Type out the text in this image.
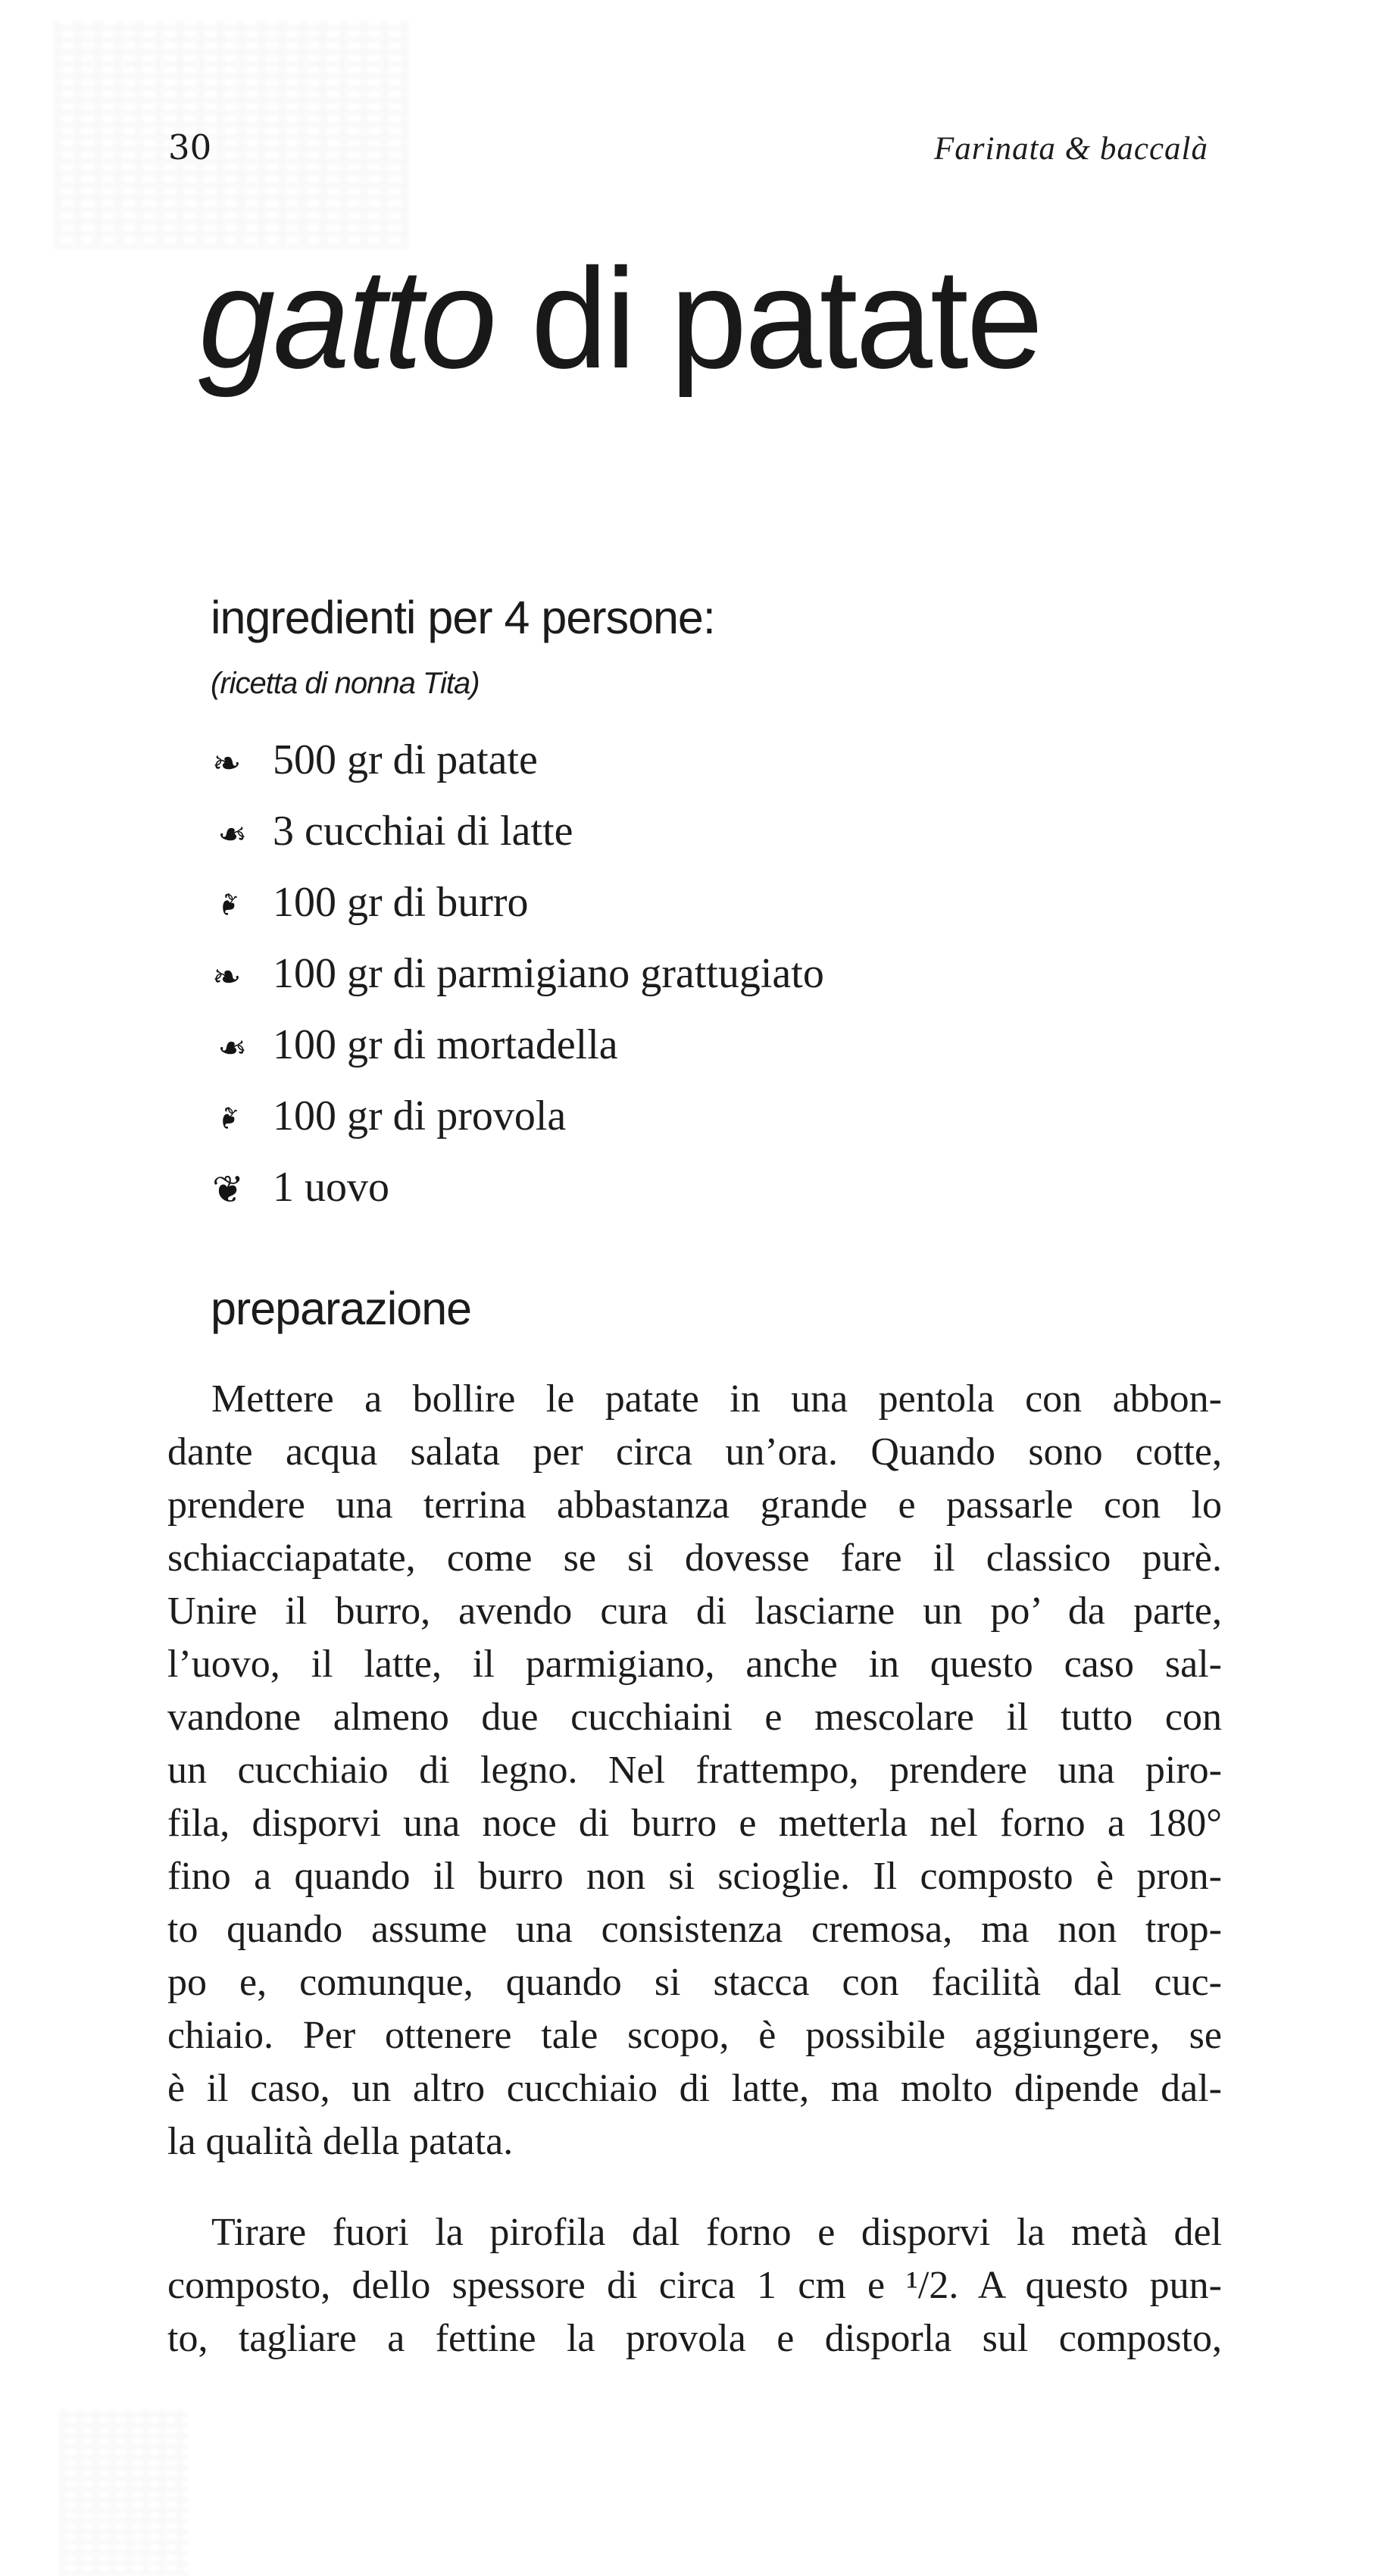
30	Farinata & baccalà
gatto di patate
ingredienti per 4 persone:

(ricetta di nonna Tita)

❧ 500 gr di patate
❧ 3 cucchiai di latte
❧ 100 gr di burro
❧ 100 gr di parmigiano grattugiato
❧ 100 gr di mortadella
❧ 100 gr di provola
❦ 1 uovo
preparazione
Mettere a bollire le patate in una pentola con abbon-
dante acqua salata per circa un’ora. Quando sono cotte,
prendere una terrina abbastanza grande e passarle con lo
schiacciapatate, come se si dovesse fare il classico purè.
Unire il burro, avendo cura di lasciarne un po’ da parte,
l’uovo, il latte, il parmigiano, anche in questo caso sal-
vandone almeno due cucchiaini e mescolare il tutto con
un cucchiaio di legno. Nel frattempo, prendere una piro-
fila, disporvi una noce di burro e metterla nel forno a 180°
fino a quando il burro non si scioglie. Il composto è pron-
to quando assume una consistenza cremosa, ma non trop-
po e, comunque, quando si stacca con facilità dal cuc-
chiaio. Per ottenere tale scopo, è possibile aggiungere, se
è il caso, un altro cucchiaio di latte, ma molto dipende dal-
la qualità della patata.
Tirare fuori la pirofila dal forno e disporvi la metà del
composto, dello spessore di circa 1 cm e ¹/2. A questo pun-
to, tagliare a fettine la provola e disporla sul composto,
